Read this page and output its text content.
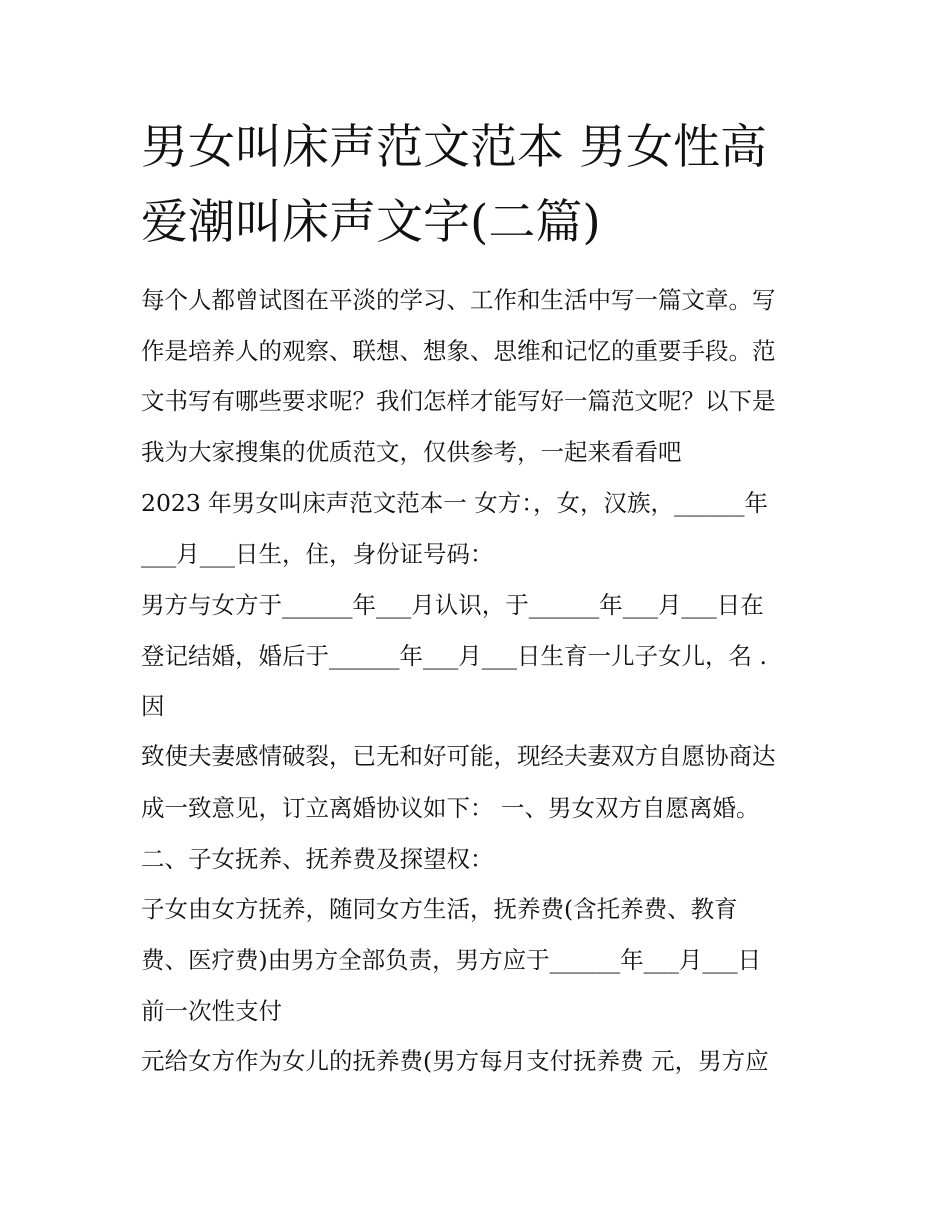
男女叫床声范文范本 男女性高
爱潮叫床声文字(二篇)
每个人都曾试图在平淡的学习、工作和生活中写一篇文章。写
作是培养人的观察、联想、想象、思维和记忆的重要手段。范
文书写有哪些要求呢？我们怎样才能写好一篇范文呢？以下是
我为大家搜集的优质范文，仅供参考，一起来看看吧
2023 年男女叫床声范文范本一 女方：，女，汉族，______年
___月___日生，住，身份证号码：
男方与女方于______年___月认识，于______年___月___日在
登记结婚，婚后于______年___月___日生育一儿子女儿，名 .
因
致使夫妻感情破裂，已无和好可能，现经夫妻双方自愿协商达
成一致意见，订立离婚协议如下： 一、男女双方自愿离婚。
二、子女抚养、抚养费及探望权：
子女由女方抚养，随同女方生活，抚养费(含托养费、教育
费、医疗费)由男方全部负责，男方应于______年___月___日
前一次性支付
元给女方作为女儿的抚养费(男方每月支付抚养费 元，男方应
